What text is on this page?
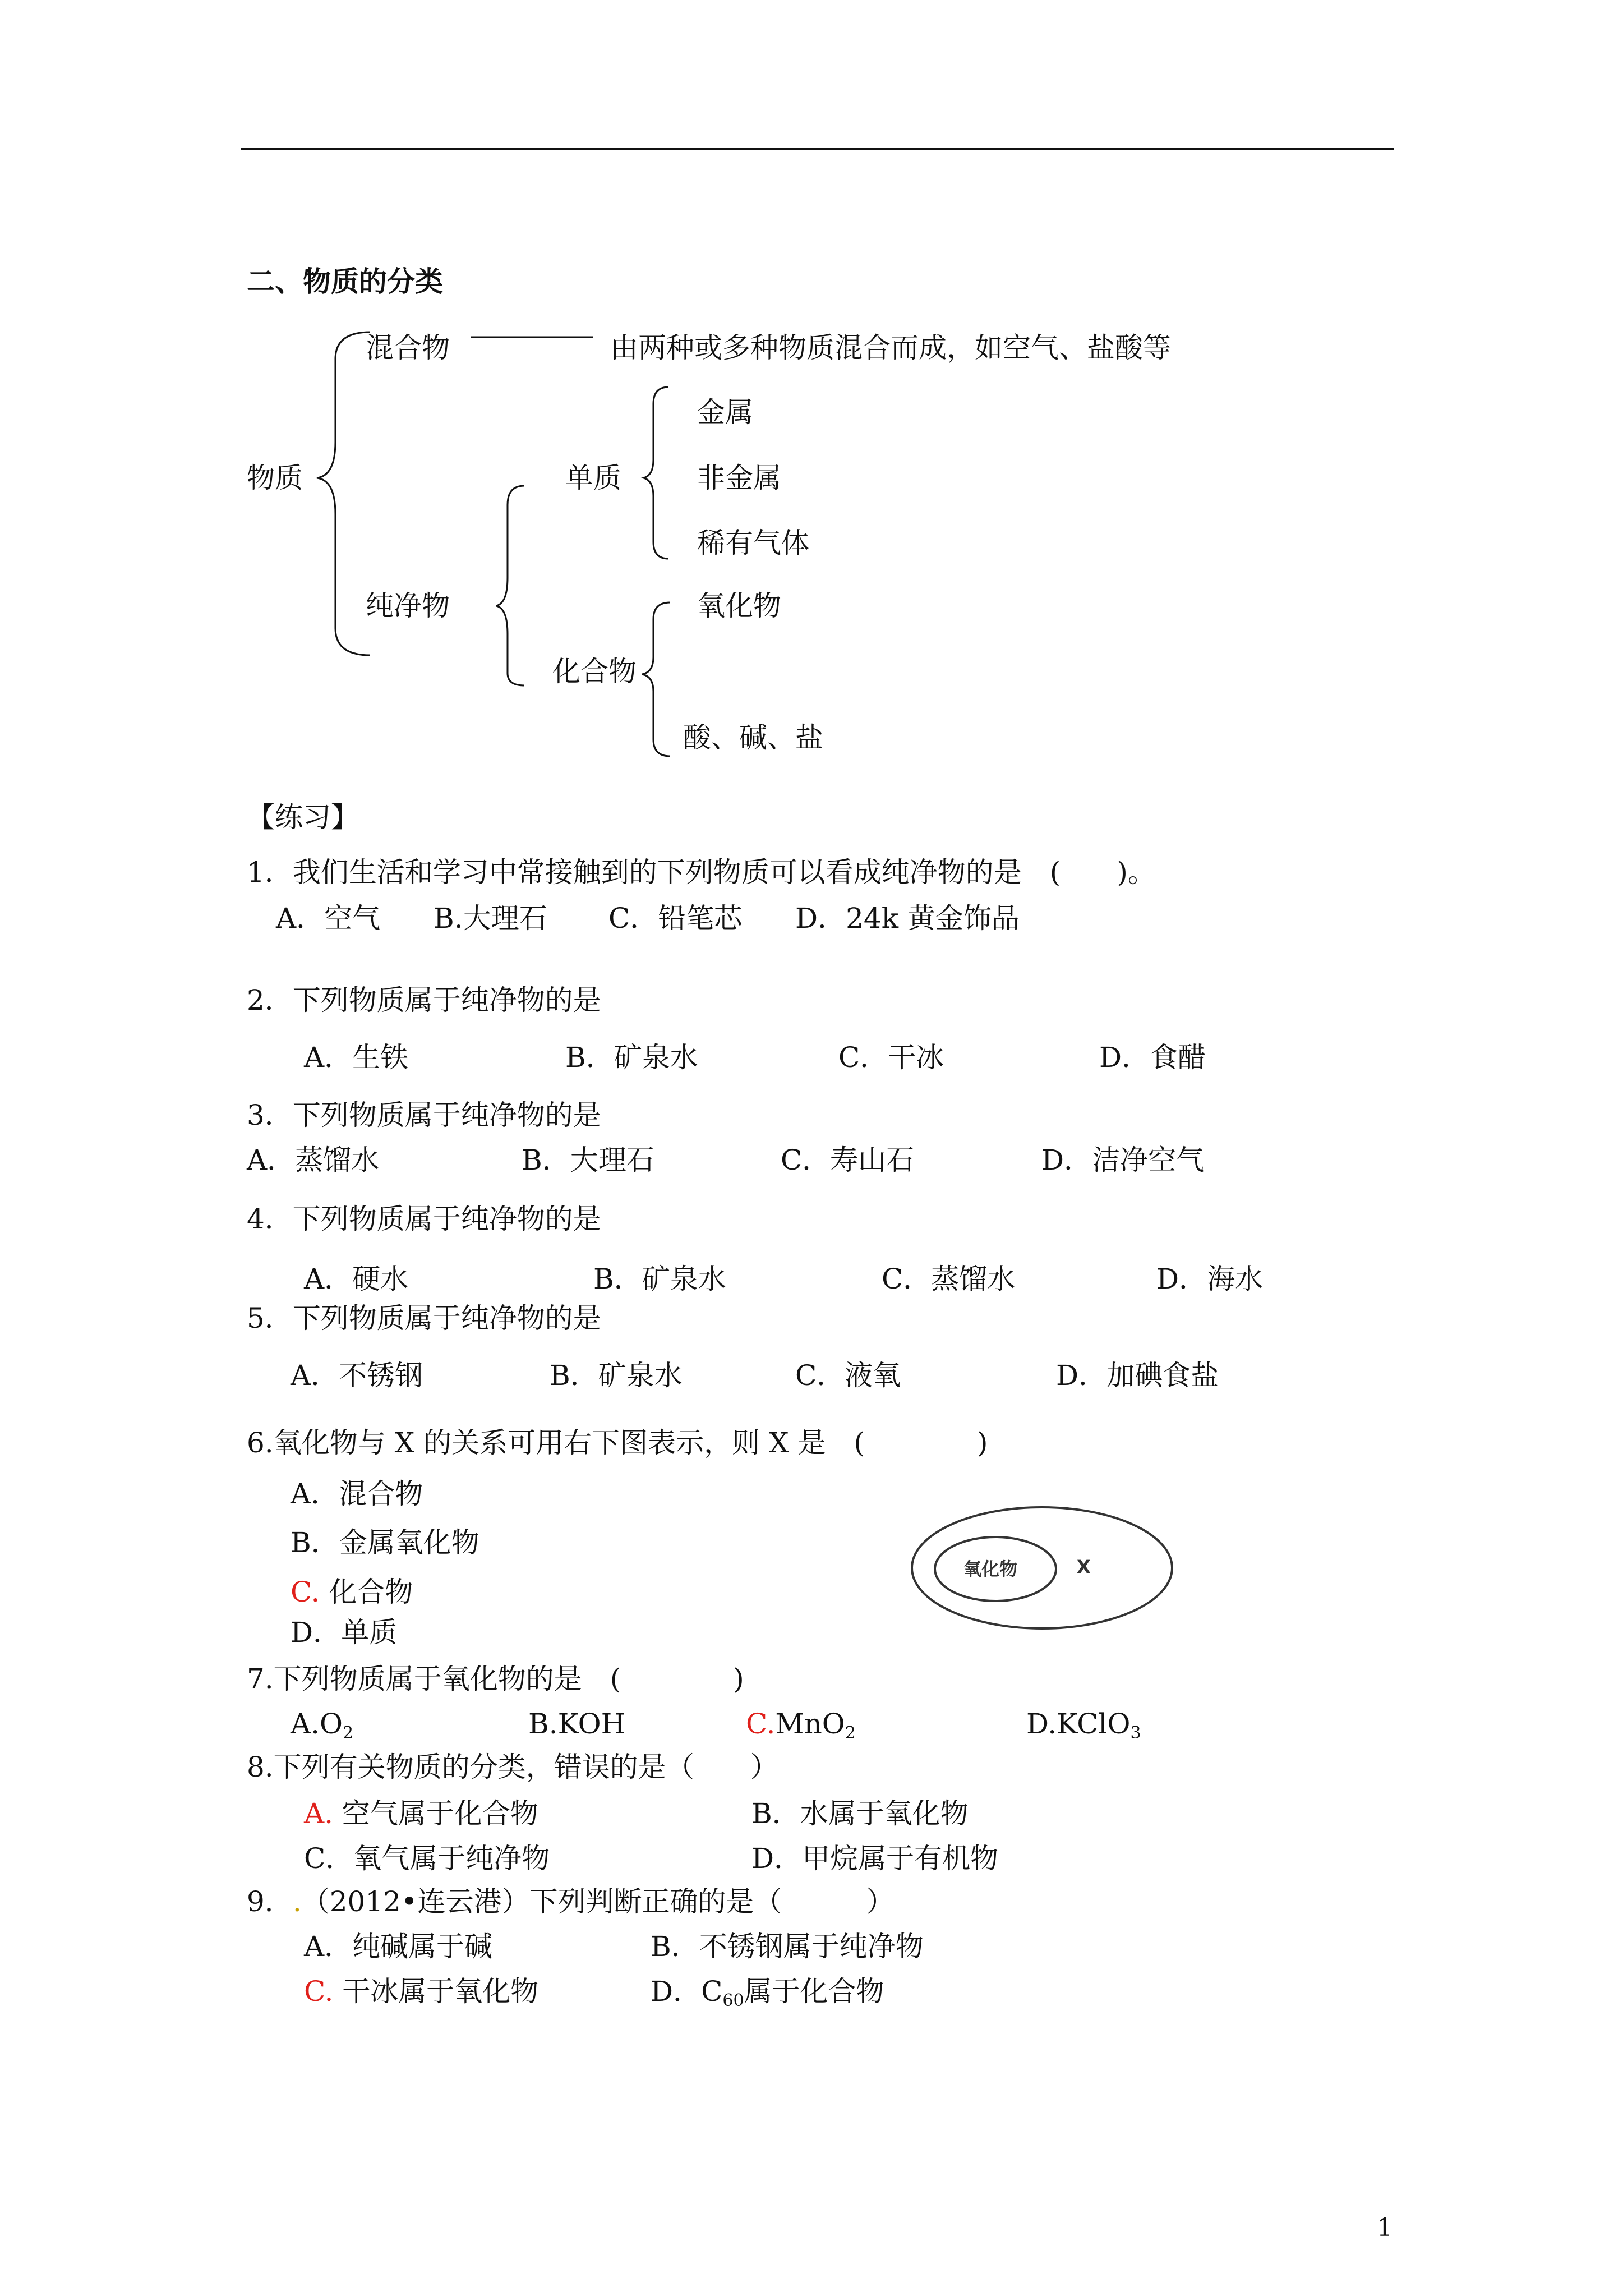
二、物质的分类
物质
混合物	由两种或多种物质混合而成，如空气、盐酸等
纯净物
单质
金属
非金属
稀有气体
化合物
氧化物
酸、碱、盐
【练习】
1．我们生活和学习中常接触到的下列物质可以看成纯净物的是　(　　)。
A．空气 B.大理石 C．铅笔芯 D．24k 黄金饰品
2．下列物质属于纯净物的是
A．生铁	B．矿泉水	C．干冰	D．食醋
3．下列物质属于纯净物的是
A．蒸馏水	B．大理石	C．寿山石	D．洁净空气
4．下列物质属于纯净物的是
A．硬水	B．矿泉水	C．蒸馏水	D．海水
5．下列物质属于纯净物的是
A．不锈钢	B．矿泉水	C．液氧	D．加碘食盐
6.氧化物与 X 的关系可用右下图表示，则 X 是　(　　　　)
A．混合物
B．金属氧化物
C. 化合物
D．单质
氧化物	X
7.下列物质属于氧化物的是　(　　　　)
$A.O_2$	B.KOH	C.MnO$_2$	D.KClO$_3$
8.下列有关物质的分类，错误的是（　　）
A. 空气属于化合物	B．水属于氧化物
C．氧气属于纯净物	D．甲烷属于有机物
9．.（2012•连云港）下列判断正确的是（　　　）
A．纯碱属于碱	B．不锈钢属于纯净物
C. 干冰属于氧化物	D．$C_{60}$属于化合物
1
